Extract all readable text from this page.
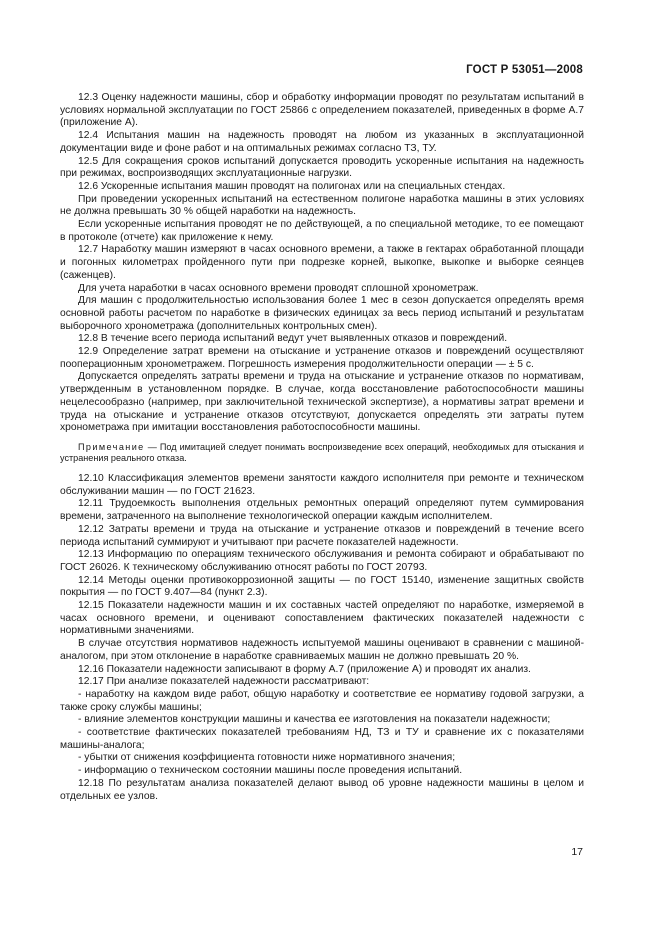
ГОСТ Р 53051—2008

12.3 Оценку надежности машины, сбор и обработку информации проводят по результатам испытаний в условиях нормальной эксплуатации по ГОСТ 25866 с определением показателей, приведенных в форме А.7 (приложение А).

12.4 Испытания машин на надежность проводят на любом из указанных в эксплуатационной документации виде и фоне работ и на оптимальных режимах согласно ТЗ, ТУ.

12.5 Для сокращения сроков испытаний допускается проводить ускоренные испытания на надежность при режимах, воспроизводящих эксплуатационные нагрузки.

12.6 Ускоренные испытания машин проводят на полигонах или на специальных стендах.

При проведении ускоренных испытаний на естественном полигоне наработка машины в этих условиях не должна превышать 30 % общей наработки на надежность.

Если ускоренные испытания проводят не по действующей, а по специальной методике, то ее помещают в протоколе (отчете) как приложение к нему.

12.7 Наработку машин измеряют в часах основного времени, а также в гектарах обработанной площади и погонных километрах пройденного пути при подрезке корней, выкопке, выкопке и выборке сеянцев (саженцев).

Для учета наработки в часах основного времени проводят сплошной хронометраж.

Для машин с продолжительностью использования более 1 мес в сезон допускается определять время основной работы расчетом по наработке в физических единицах за весь период испытаний и результатам выборочного хронометража (дополнительных контрольных смен).

12.8 В течение всего периода испытаний ведут учет выявленных отказов и повреждений.

12.9 Определение затрат времени на отыскание и устранение отказов и повреждений осуществляют пооперационным хронометражем. Погрешность измерения продолжительности операции — ± 5 с.

Допускается определять затраты времени и труда на отыскание и устранение отказов по нормативам, утвержденным в установленном порядке. В случае, когда восстановление работоспособности машины нецелесообразно (например, при заключительной технической экспертизе), а нормативы затрат времени и труда на отыскание и устранение отказов отсутствуют, допускается определять эти затраты путем хронометража при имитации восстановления работоспособности машины.

Примечание — Под имитацией следует понимать воспроизведение всех операций, необходимых для отыскания и устранения реального отказа.

12.10 Классификация элементов времени занятости каждого исполнителя при ремонте и техническом обслуживании машин — по ГОСТ 21623.

12.11 Трудоемкость выполнения отдельных ремонтных операций определяют путем суммирования времени, затраченного на выполнение технологической операции каждым исполнителем.

12.12 Затраты времени и труда на отыскание и устранение отказов и повреждений в течение всего периода испытаний суммируют и учитывают при расчете показателей надежности.

12.13 Информацию по операциям технического обслуживания и ремонта собирают и обрабатывают по ГОСТ 26026. К техническому обслуживанию относят работы по ГОСТ 20793.

12.14 Методы оценки противокоррозионной защиты — по ГОСТ 15140, изменение защитных свойств покрытия — по ГОСТ 9.407—84 (пункт 2.3).

12.15 Показатели надежности машин и их составных частей определяют по наработке, измеряемой в часах основного времени, и оценивают сопоставлением фактических показателей надежности с нормативными значениями.

В случае отсутствия нормативов надежность испытуемой машины оценивают в сравнении с машиной-аналогом, при этом отклонение в наработке сравниваемых машин не должно превышать 20 %.

12.16 Показатели надежности записывают в форму А.7 (приложение А) и проводят их анализ.

12.17 При анализе показателей надежности рассматривают:

- наработку на каждом виде работ, общую наработку и соответствие ее нормативу годовой загрузки, а также сроку службы машины;

- влияние элементов конструкции машины и качества ее изготовления на показатели надежности;

- соответствие фактических показателей требованиям НД, ТЗ и ТУ и сравнение их с показателями машины-аналога;

- убытки от снижения коэффициента готовности ниже нормативного значения;

- информацию о техническом состоянии машины после проведения испытаний.

12.18 По результатам анализа показателей делают вывод об уровне надежности машины в целом и отдельных ее узлов.

17
